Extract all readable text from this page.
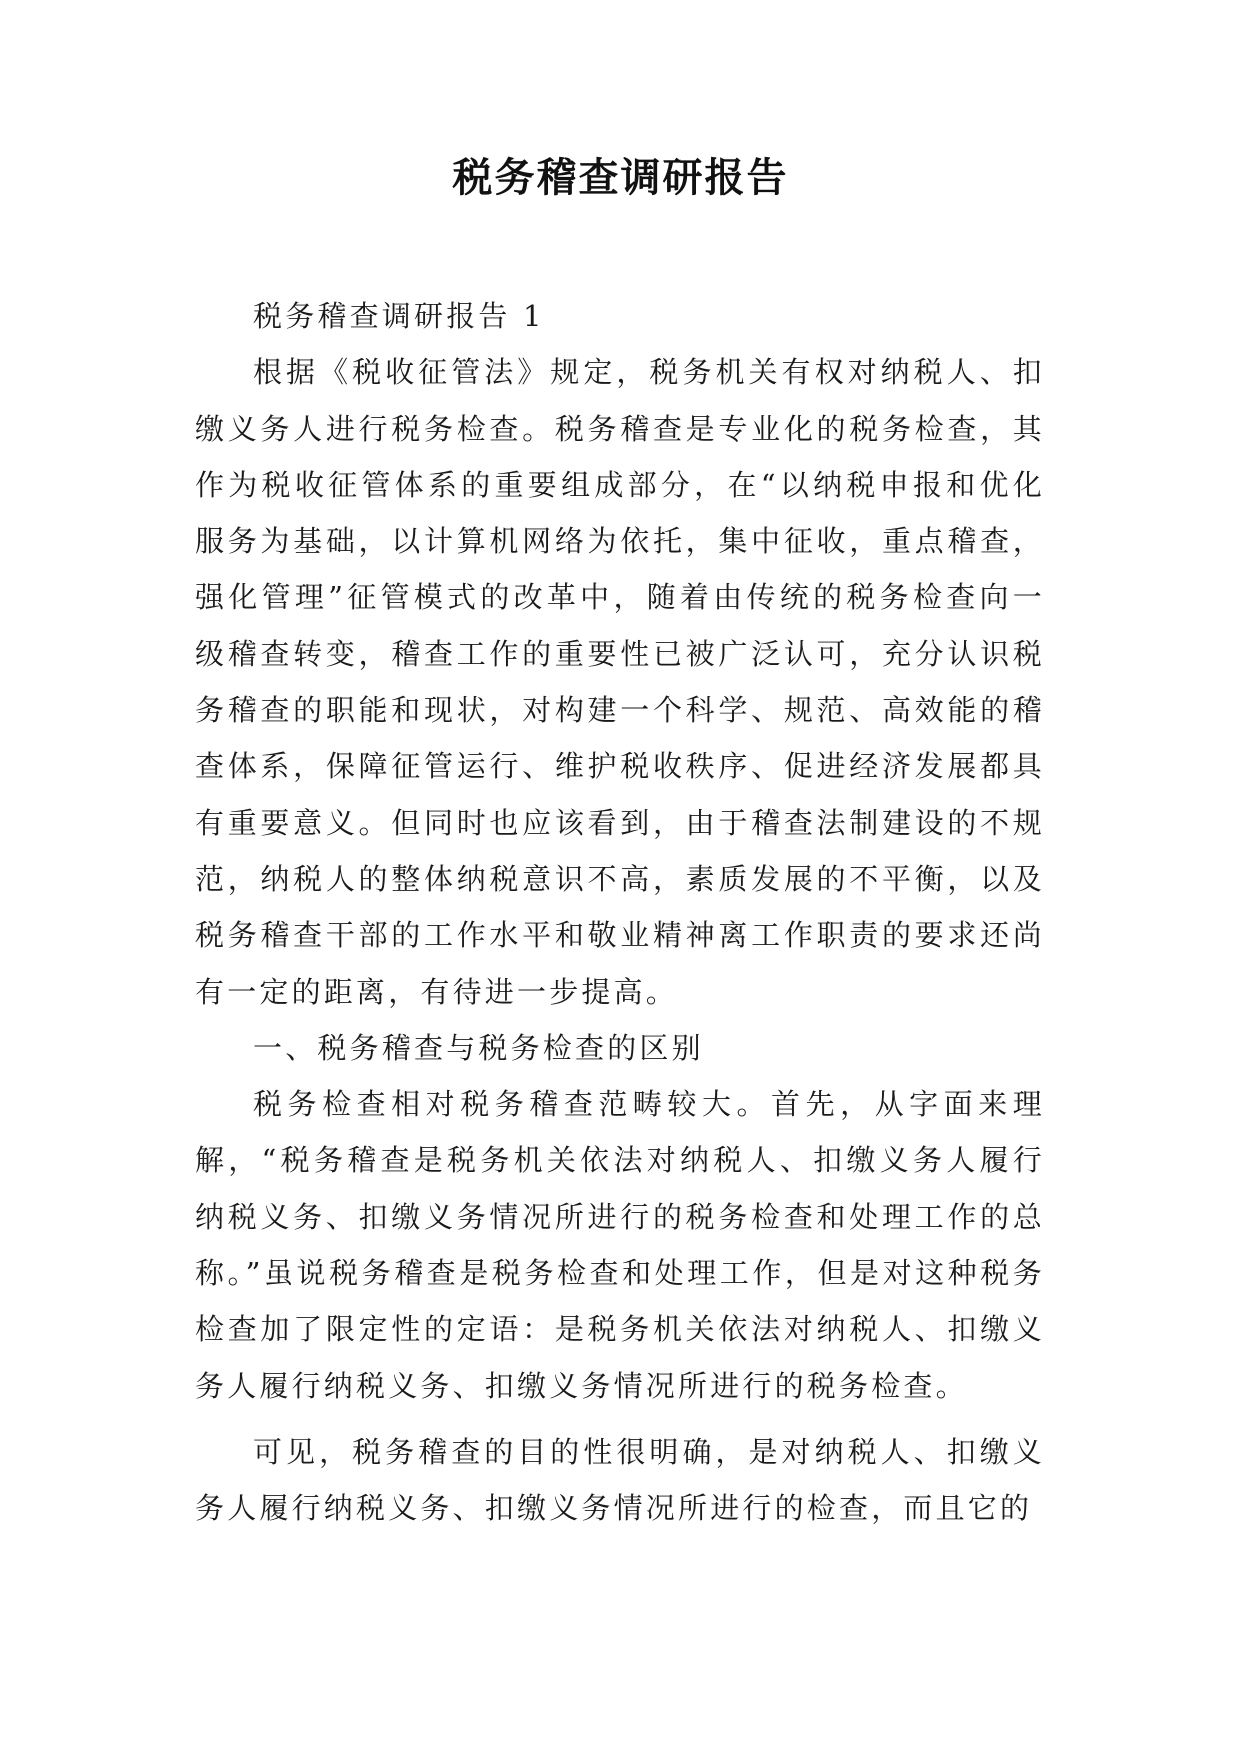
税务稽查调研报告

税务稽查调研报告 1

根据《税收征管法》规定，税务机关有权对纳税人、扣缴义务人进行税务检查。税务稽查是专业化的税务检查，其作为税收征管体系的重要组成部分，在“以纳税申报和优化服务为基础，以计算机网络为依托，集中征收，重点稽查，强化管理”征管模式的改革中，随着由传统的税务检查向一级稽查转变，稽查工作的重要性已被广泛认可，充分认识税务稽查的职能和现状，对构建一个科学、规范、高效能的稽查体系，保障征管运行、维护税收秩序、促进经济发展都具有重要意义。但同时也应该看到，由于稽查法制建设的不规范，纳税人的整体纳税意识不高，素质发展的不平衡，以及税务稽查干部的工作水平和敬业精神离工作职责的要求还尚有一定的距离，有待进一步提高。

一、税务稽查与税务检查的区别

税务检查相对税务稽查范畴较大。首先，从字面来理解，“税务稽查是税务机关依法对纳税人、扣缴义务人履行纳税义务、扣缴义务情况所进行的税务检查和处理工作的总称。”虽说税务稽查是税务检查和处理工作，但是对这种税务检查加了限定性的定语：是税务机关依法对纳税人、扣缴义务人履行纳税义务、扣缴义务情况所进行的税务检查。

可见，税务稽查的目的性很明确，是对纳税人、扣缴义务人履行纳税义务、扣缴义务情况所进行的检查，而且它的
